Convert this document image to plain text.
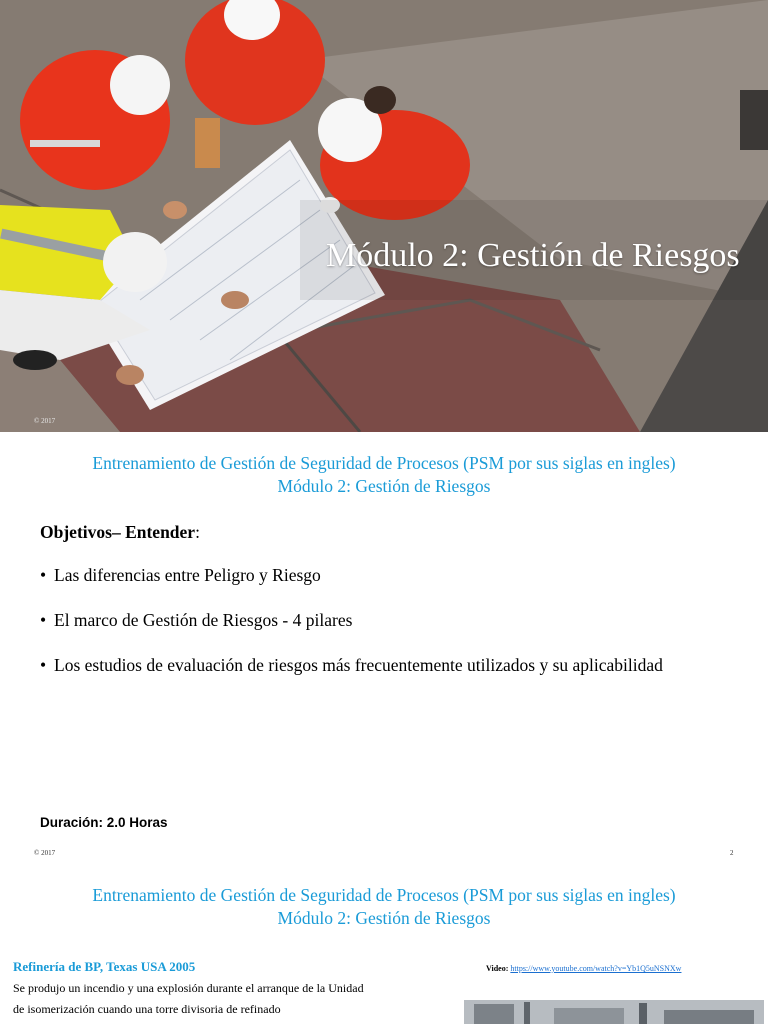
Módulo 2: Gestión de Riesgos
© 2017
Entrenamiento de Gestión de Seguridad de Procesos (PSM por sus siglas en ingles)
Módulo 2: Gestión de Riesgos
Objetivos– Entender:
• Las diferencias entre Peligro y Riesgo
• El marco de Gestión de Riesgos - 4 pilares
• Los estudios de evaluación de riesgos más frecuentemente utilizados y su aplicabilidad
Duración: 2.0 Horas
© 2017	2
Entrenamiento de Gestión de Seguridad de Procesos (PSM por sus siglas en ingles)
Módulo 2: Gestión de Riesgos
Refinería de BP, Texas USA 2005
Se produjo un incendio y una explosión durante el arranque de la Unidad de isomerización cuando una torre divisoria de refinado
Video: https://www.youtube.com/watch?v=Yb1Q5uNSNXw
